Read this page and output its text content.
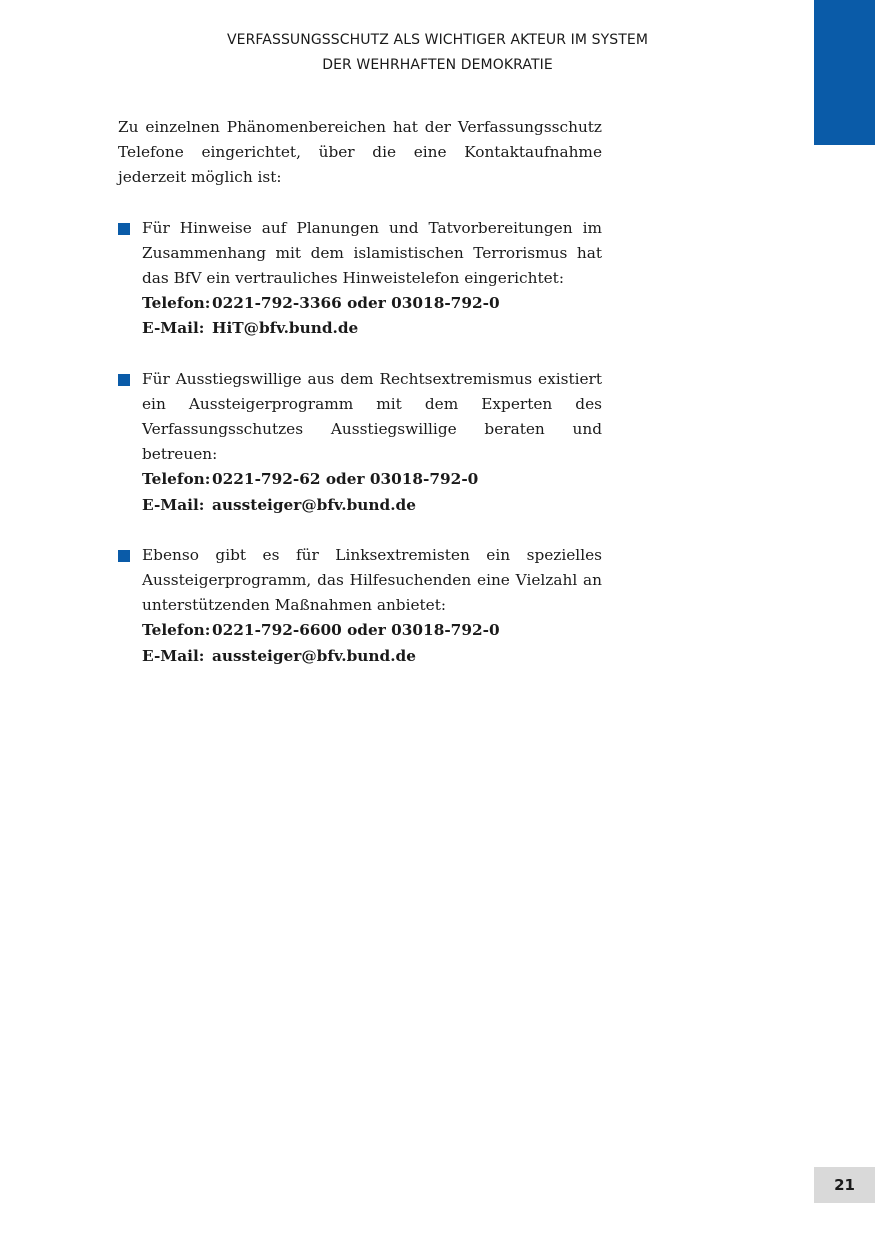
VERFASSUNGSSCHUTZ ALS WICHTIGER AKTEUR IM SYSTEM
DER WEHRHAFTEN DEMOKRATIE

Zu einzelnen Phänomenbereichen hat der Verfassungsschutz Telefone eingerichtet, über die eine Kontaktaufnahme jederzeit möglich ist:

Für Hinweise auf Planungen und Tatvorbereitungen im Zusammenhang mit dem islamistischen Terrorismus hat das BfV ein vertrauliches Hinweistelefon eingerichtet:

Telefon: 0221-792-3366 oder 03018-792-0
E-Mail: HiT@bfv.bund.de

Für Ausstiegswillige aus dem Rechtsextremismus existiert ein Aussteigerprogramm mit dem Experten des Verfassungsschutzes Ausstiegswillige beraten und betreuen:

Telefon: 0221-792-62 oder 03018-792-0
E-Mail: aussteiger@bfv.bund.de

Ebenso gibt es für Linksextremisten ein spezielles Aussteigerprogramm, das Hilfesuchenden eine Vielzahl an unterstützenden Maßnahmen anbietet:

Telefon: 0221-792-6600 oder 03018-792-0
E-Mail: aussteiger@bfv.bund.de
21
